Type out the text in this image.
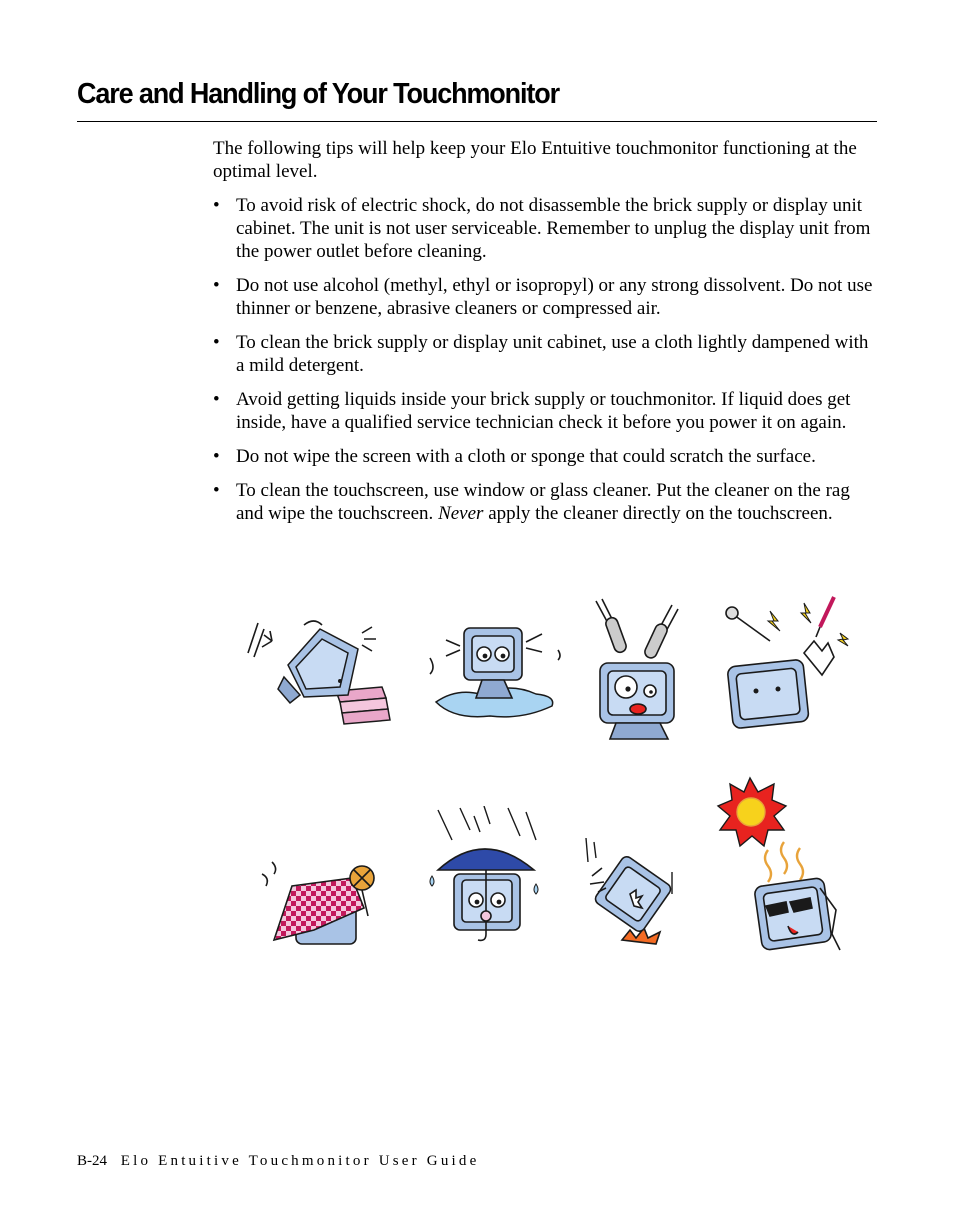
Care and Handling of Your Touchmonitor

The following tips will help keep your Elo Entuitive touchmonitor functioning at the optimal level.

• To avoid risk of electric shock, do not disassemble the brick supply or display unit cabinet. The unit is not user serviceable. Remember to unplug the display unit from the power outlet before cleaning.
• Do not use alcohol (methyl, ethyl or isopropyl) or any strong dissolvent. Do not use thinner or benzene, abrasive cleaners or compressed air.
• To clean the brick supply or display unit cabinet, use a cloth lightly dampened with a mild detergent.
• Avoid getting liquids inside your brick supply or touchmonitor. If liquid does get inside, have a qualified service technician check it before you power it on again.
• Do not wipe the screen with a cloth or sponge that could scratch the surface.
• To clean the touchscreen, use window or glass cleaner. Put the cleaner on the rag and wipe the touchscreen. Never apply the cleaner directly on the touchscreen.
B-24 Elo Entuitive Touchmonitor User Guide
